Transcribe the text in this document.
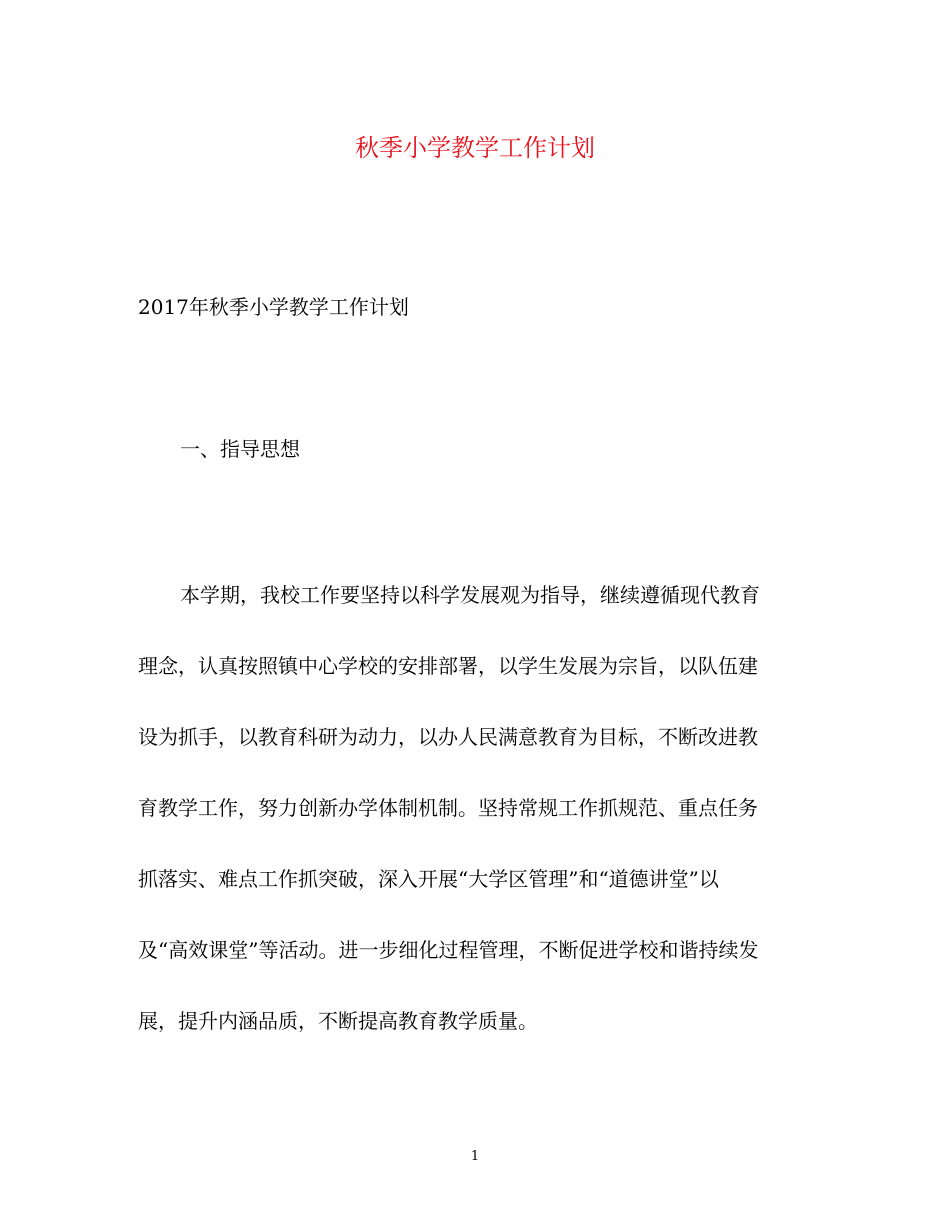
秋季小学教学工作计划

2017年秋季小学教学工作计划

一、指导思想

本学期，我校工作要坚持以科学发展观为指导，继续遵循现代教育

理念，认真按照镇中心学校的安排部署，以学生发展为宗旨，以队伍建

设为抓手，以教育科研为动力，以办人民满意教育为目标，不断改进教

育教学工作，努力创新办学体制机制。坚持常规工作抓规范、重点任务

抓落实、难点工作抓突破，深入开展“大学区管理”和“道德讲堂”以

及“高效课堂”等活动。进一步细化过程管理，不断促进学校和谐持续发

展，提升内涵品质，不断提高教育教学质量。

1
